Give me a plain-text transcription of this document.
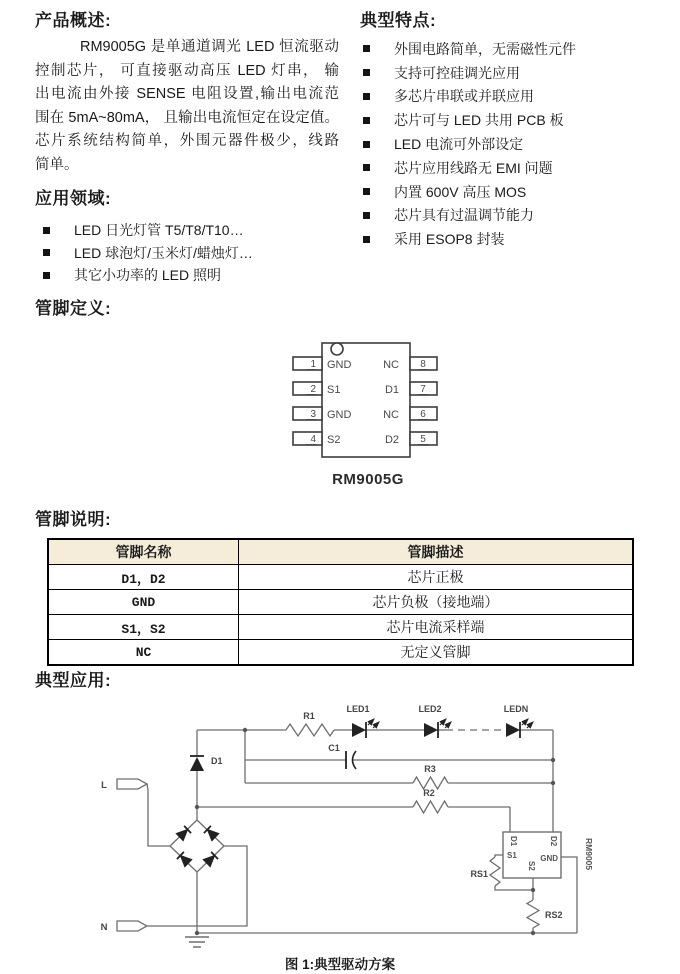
产品概述:
RM9005G 是单通道调光 LED 恒流驱动
控制芯片， 可直接驱动高压 LED 灯串， 输
出电流由外接 SENSE 电阻设置,输出电流范
围在 5mA~80mA， 且输出电流恒定在设定值。
芯片系统结构简单，外围元器件极少，线路
简单。
应用领域:
LED 日光灯管 T5/T8/T10…
LED 球泡灯/玉米灯/蜡烛灯…
其它小功率的 LED 照明
管脚定义:
典型特点:
外围电路简单，无需磁性元件
支持可控硅调光应用
多芯片串联或并联应用
芯片可与 LED 共用 PCB 板
LED 电流可外部设定
芯片应用线路无 EMI 问题
内置 600V 高压 MOS
芯片具有过温调节能力
采用 ESOP8 封装
1
2
3
4
8
7
6
5
GND
S1
GND
S2
NC
D1
NC
D2
RM9005G
管脚说明:
管脚名称	管脚描述
D1，D2	芯片正极
GND	芯片负极（接地端）
S1，S2	芯片电流采样端
NC	无定义管脚
典型应用:
L
N
D1
R1
C1
R3
R2
LED1	LED2	LEDN
RS1
RS2
D1	D2
S1	GND
S2	RM9005
图 1:典型驱动方案
